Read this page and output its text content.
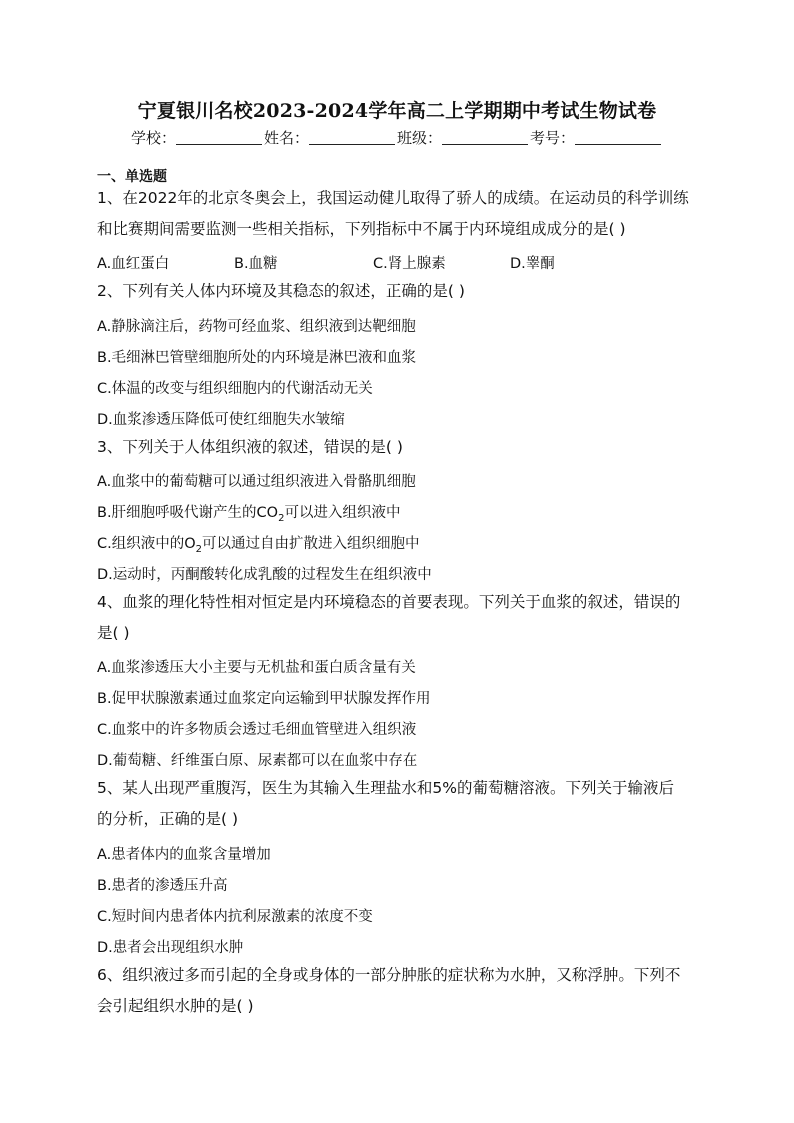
宁夏银川名校2023-2024学年高二上学期期中考试生物试卷
学校：	姓名：	班级：	考号：
一、单选题
1、在2022年的北京冬奥会上，我国运动健儿取得了骄人的成绩。在运动员的科学训练
和比赛期间需要监测一些相关指标，下列指标中不属于内环境组成成分的是( )
A.血红蛋白	B.血糖	C.肾上腺素	D.睾酮
2、下列有关人体内环境及其稳态的叙述，正确的是( )
A.静脉滴注后，药物可经血浆、组织液到达靶细胞
B.毛细淋巴管壁细胞所处的内环境是淋巴液和血浆
C.体温的改变与组织细胞内的代谢活动无关
D.血浆渗透压降低可使红细胞失水皱缩
3、下列关于人体组织液的叙述，错误的是( )
A.血浆中的葡萄糖可以通过组织液进入骨骼肌细胞
B.肝细胞呼吸代谢产生的$CO_2$可以进入组织液中
C.组织液中的$O_2$可以通过自由扩散进入组织细胞中
D.运动时，丙酮酸转化成乳酸的过程发生在组织液中
4、血浆的理化特性相对恒定是内环境稳态的首要表现。下列关于血浆的叙述，错误的
是( )
A.血浆渗透压大小主要与无机盐和蛋白质含量有关
B.促甲状腺激素通过血浆定向运输到甲状腺发挥作用
C.血浆中的许多物质会透过毛细血管壁进入组织液
D.葡萄糖、纤维蛋白原、尿素都可以在血浆中存在
5、某人出现严重腹泻，医生为其输入生理盐水和5%的葡萄糖溶液。下列关于输液后
的分析，正确的是( )
A.患者体内的血浆含量增加
B.患者的渗透压升高
C.短时间内患者体内抗利尿激素的浓度不变
D.患者会出现组织水肿
6、组织液过多而引起的全身或身体的一部分肿胀的症状称为水肿，又称浮肿。下列不
会引起组织水肿的是( )
